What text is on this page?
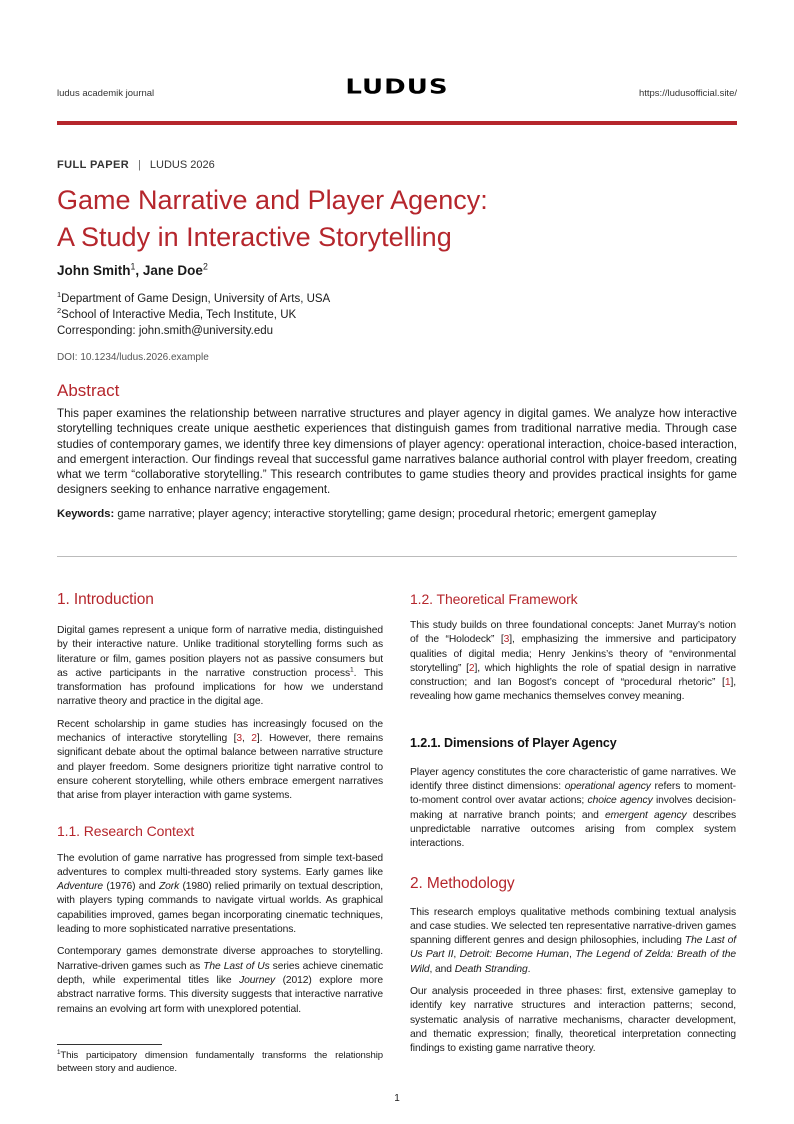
ludus academik journal	LUDUS	https://ludusofficial.site/
FULL PAPER | LUDUS 2026
Game Narrative and Player Agency:
A Study in Interactive Storytelling
John Smith$^1$, Jane Doe$^2$
$^1$Department of Game Design, University of Arts, USA
$^2$School of Interactive Media, Tech Institute, UK
Corresponding: john.smith@university.edu
DOI: 10.1234/ludus.2026.example
Abstract
This paper examines the relationship between narrative structures and player agency in digital games. We analyze how interactive storytelling techniques create unique aesthetic experiences that distinguish games from traditional narrative media. Through case studies of contemporary games, we identify three key dimensions of player agency: operational interaction, choice-based interaction, and emergent interaction. Our findings reveal that successful game narratives balance authorial control with player freedom, creating what we term “collaborative storytelling.” This research contributes to game studies theory and provides practical insights for game designers seeking to enhance narrative engagement.
Keywords: game narrative; player agency; interactive storytelling; game design; procedural rhetoric; emergent gameplay
1. Introduction

Digital games represent a unique form of narrative media, distinguished by their interactive nature. Unlike traditional storytelling forms such as literature or film, games position players not as passive consumers but as active participants in the narrative construction process$^1$. This transformation has profound implications for how we understand narrative theory and practice in the digital age.

Recent scholarship in game studies has increasingly focused on the mechanics of interactive storytelling [3, 2]. However, there remains significant debate about the optimal balance between narrative structure and player freedom. Some designers prioritize tight narrative control to ensure coherent storytelling, while others embrace emergent narratives that arise from player interaction with game systems.

1.1. Research Context

The evolution of game narrative has progressed from simple text-based adventures to complex multi-threaded story systems. Early games like Adventure (1976) and Zork (1980) relied primarily on textual description, with players typing commands to navigate virtual worlds. As graphical capabilities improved, games began incorporating cinematic techniques, leading to more sophisticated narrative presentations.

Contemporary games demonstrate diverse approaches to storytelling. Narrative-driven games such as The Last of Us series achieve cinematic depth, while experimental titles like Journey (2012) explore more abstract narrative forms. This diversity suggests that interactive narrative remains an evolving art form with unexplored potential.

$^1$This participatory dimension fundamentally transforms the relationship between story and audience.
1.2. Theoretical Framework

This study builds on three foundational concepts: Janet Murray’s notion of the “Holodeck” [3], emphasizing the immersive and participatory qualities of digital media; Henry Jenkins’s theory of “environmental storytelling” [2], which highlights the role of spatial design in narrative construction; and Ian Bogost’s concept of “procedural rhetoric” [1], revealing how game mechanics themselves convey meaning.

1.2.1. Dimensions of Player Agency

Player agency constitutes the core characteristic of game narratives. We identify three distinct dimensions: operational agency refers to moment-to-moment control over avatar actions; choice agency involves decision-making at narrative branch points; and emergent agency describes unpredictable narrative outcomes arising from complex system interactions.

2. Methodology

This research employs qualitative methods combining textual analysis and case studies. We selected ten representative narrative-driven games spanning different genres and design philosophies, including The Last of Us Part II, Detroit: Become Human, The Legend of Zelda: Breath of the Wild, and Death Stranding.

Our analysis proceeded in three phases: first, extensive gameplay to identify key narrative structures and interaction patterns; second, systematic analysis of narrative mechanisms, character development, and thematic expression; finally, theoretical interpretation connecting findings to existing game narrative theory.

1
